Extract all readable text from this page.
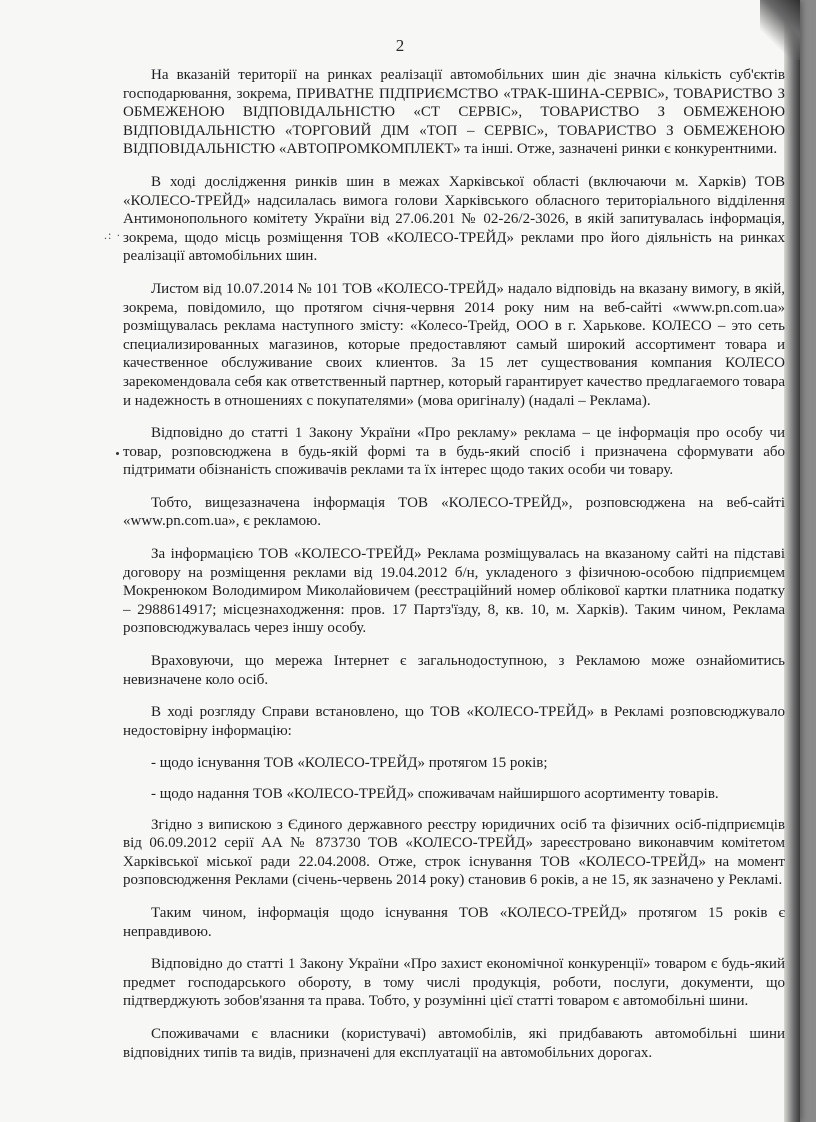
2
.: ·

На вказаній території на ринках реалізації автомобільних шин діє значна кількість суб'єктів господарювання, зокрема, ПРИВАТНЕ ПІДПРИЄМСТВО «ТРАК-ШИНА-СЕРВІС», ТОВАРИСТВО З ОБМЕЖЕНОЮ ВІДПОВІДАЛЬНІСТЮ «СТ СЕРВІС», ТОВАРИСТВО З ОБМЕЖЕНОЮ ВІДПОВІДАЛЬНІСТЮ «ТОРГОВИЙ ДІМ «ТОП – СЕРВІС», ТОВАРИСТВО З ОБМЕЖЕНОЮ ВІДПОВІДАЛЬНІСТЮ «АВТОПРОМКОМПЛЕКТ» та інші. Отже, зазначені ринки є конкурентними.

В ході дослідження ринків шин в межах Харківської області (включаючи м. Харків) ТОВ «КОЛЕСО-ТРЕЙД» надсилалась вимога голови Харківського обласного територіального відділення Антимонопольного комітету України від 27.06.201 № 02-26/2-3026, в якій запитувалась інформація, зокрема, щодо місць розміщення ТОВ «КОЛЕСО-ТРЕЙД» реклами про його діяльність на ринках реалізації автомобільних шин.

Листом від 10.07.2014 № 101 ТОВ «КОЛЕСО-ТРЕЙД» надало відповідь на вказану вимогу, в якій, зокрема, повідомило, що протягом січня-червня 2014 року ним на веб-сайті «www.pn.com.ua» розміщувалась реклама наступного змісту: «Колесо-Трейд, ООО в г. Харькове. КОЛЕСО – это сеть специализированных магазинов, которые предоставляют самый широкий ассортимент товара и качественное обслуживание своих клиентов. За 15 лет существования компания КОЛЕСО зарекомендовала себя как ответственный партнер, который гарантирует качество предлагаемого товара и надежность в отношениях с покупателями» (мова оригіналу) (надалі – Реклама).

Відповідно до статті 1 Закону України «Про рекламу» реклама – це інформація про особу чи товар, розповсюджена в будь-якій формі та в будь-який спосіб і призначена сформувати або підтримати обізнаність споживачів реклами та їх інтерес щодо таких особи чи товару.

Тобто, вищезазначена інформація ТОВ «КОЛЕСО-ТРЕЙД», розповсюджена на веб-сайті «www.pn.com.ua», є рекламою.

За інформацією ТОВ «КОЛЕСО-ТРЕЙД» Реклама розміщувалась на вказаному сайті на підставі договору на розміщення реклами від 19.04.2012 б/н, укладеного з фізичною-особою підприємцем Мокренюком Володимиром Миколайовичем (реєстраційний номер облікової картки платника податку – 2988614917; місцезнаходження: пров. 17 Партз'їзду, 8, кв. 10, м. Харків). Таким чином, Реклама розповсюджувалась через іншу особу.

Враховуючи, що мережа Інтернет є загальнодоступною, з Рекламою може ознайомитись невизначене коло осіб.

В ході розгляду Справи встановлено, що ТОВ «КОЛЕСО-ТРЕЙД» в Рекламі розповсюджувало недостовірну інформацію:

- щодо існування ТОВ «КОЛЕСО-ТРЕЙД» протягом 15 років;

- щодо надання ТОВ «КОЛЕСО-ТРЕЙД» споживачам найширшого асортименту товарів.

Згідно з випискою з Єдиного державного реєстру юридичних осіб та фізичних осіб-підприємців від 06.09.2012 серії АА № 873730 ТОВ «КОЛЕСО-ТРЕЙД» зареєстровано виконавчим комітетом Харківської міської ради 22.04.2008. Отже, строк існування ТОВ «КОЛЕСО-ТРЕЙД» на момент розповсюдження Реклами (січень-червень 2014 року) становив 6 років, а не 15, як зазначено у Рекламі.

Таким чином, інформація щодо існування ТОВ «КОЛЕСО-ТРЕЙД» протягом 15 років є неправдивою.

Відповідно до статті 1 Закону України «Про захист економічної конкуренції» товаром є будь-який предмет господарського обороту, в тому числі продукція, роботи, послуги, документи, що підтверджують зобов'язання та права. Тобто, у розумінні цієї статті товаром є автомобільні шини.

Споживачами є власники (користувачі) автомобілів, які придбавають автомобільні шини відповідних типів та видів, призначені для експлуатації на автомобільних дорогах.
